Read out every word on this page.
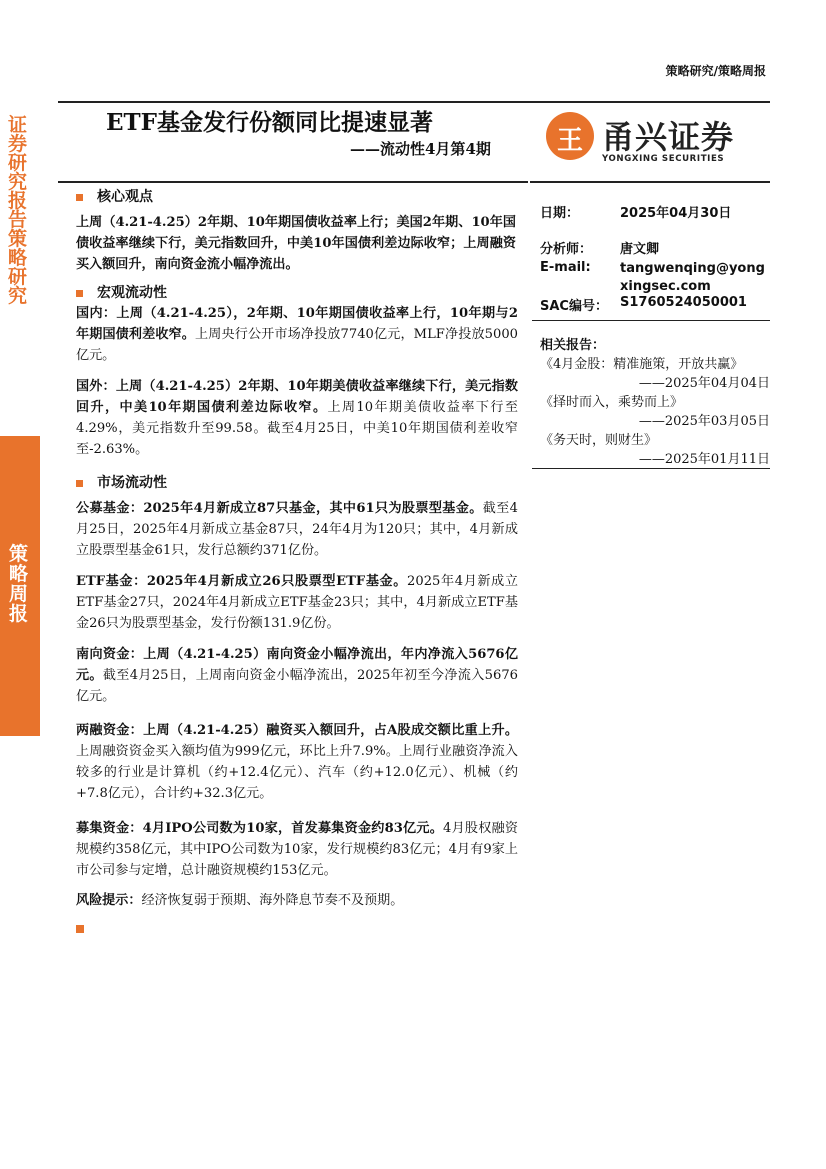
证券研究报告 策略研究
策略周报
策略研究/策略周报
ETF基金发行份额同比提速显著
——流动性4月第4期	王 甬兴证券
YONGXING SECURITIES
核心观点
上周（4.21-4.25）2年期、10年期国债收益率上行；美国2年期、10年国债收益率继续下行，美元指数回升，中美10年国债利差边际收窄；上周融资买入额回升，南向资金流小幅净流出。
宏观流动性
国内：上周（4.21-4.25），2年期、10年期国债收益率上行，10年期与2年期国债利差收窄。上周央行公开市场净投放7740亿元，MLF净投放5000亿元。
国外：上周（4.21-4.25）2年期、10年期美债收益率继续下行，美元指数回升，中美10年期国债利差边际收窄。上周10年期美债收益率下行至4.29%，美元指数升至99.58。截至4月25日，中美10年期国债利差收窄至-2.63%。
市场流动性
公募基金：2025年4月新成立87只基金，其中61只为股票型基金。截至4月25日，2025年4月新成立基金87只，24年4月为120只；其中，4月新成立股票型基金61只，发行总额约371亿份。
ETF基金：2025年4月新成立26只股票型ETF基金。2025年4月新成立ETF基金27只，2024年4月新成立ETF基金23只；其中，4月新成立ETF基金26只为股票型基金，发行份额131.9亿份。
南向资金：上周（4.21-4.25）南向资金小幅净流出，年内净流入5676亿元。截至4月25日，上周南向资金小幅净流出，2025年初至今净流入5676亿元。
两融资金：上周（4.21-4.25）融资买入额回升，占A股成交额比重上升。上周融资资金买入额均值为999亿元，环比上升7.9%。上周行业融资净流入较多的行业是计算机（约+12.4亿元）、汽车（约+12.0亿元）、机械（约+7.8亿元），合计约+32.3亿元。
募集资金：4月IPO公司数为10家，首发募集资金约83亿元。4月股权融资规模约358亿元，其中IPO公司数为10家，发行规模约83亿元；4月有9家上市公司参与定增，总计融资规模约153亿元。
风险提示：经济恢复弱于预期、海外降息节奏不及预期。
日期：	2025年04月30日
分析师： 唐文卿
E-mail: tangwenqing@yongxingsec.com
SAC编号： S1760524050001
相关报告：
《4月金股：精准施策，开放共赢》
——2025年04月04日
《择时而入，乘势而上》
——2025年03月05日
《务天时，则财生》
——2025年01月11日
